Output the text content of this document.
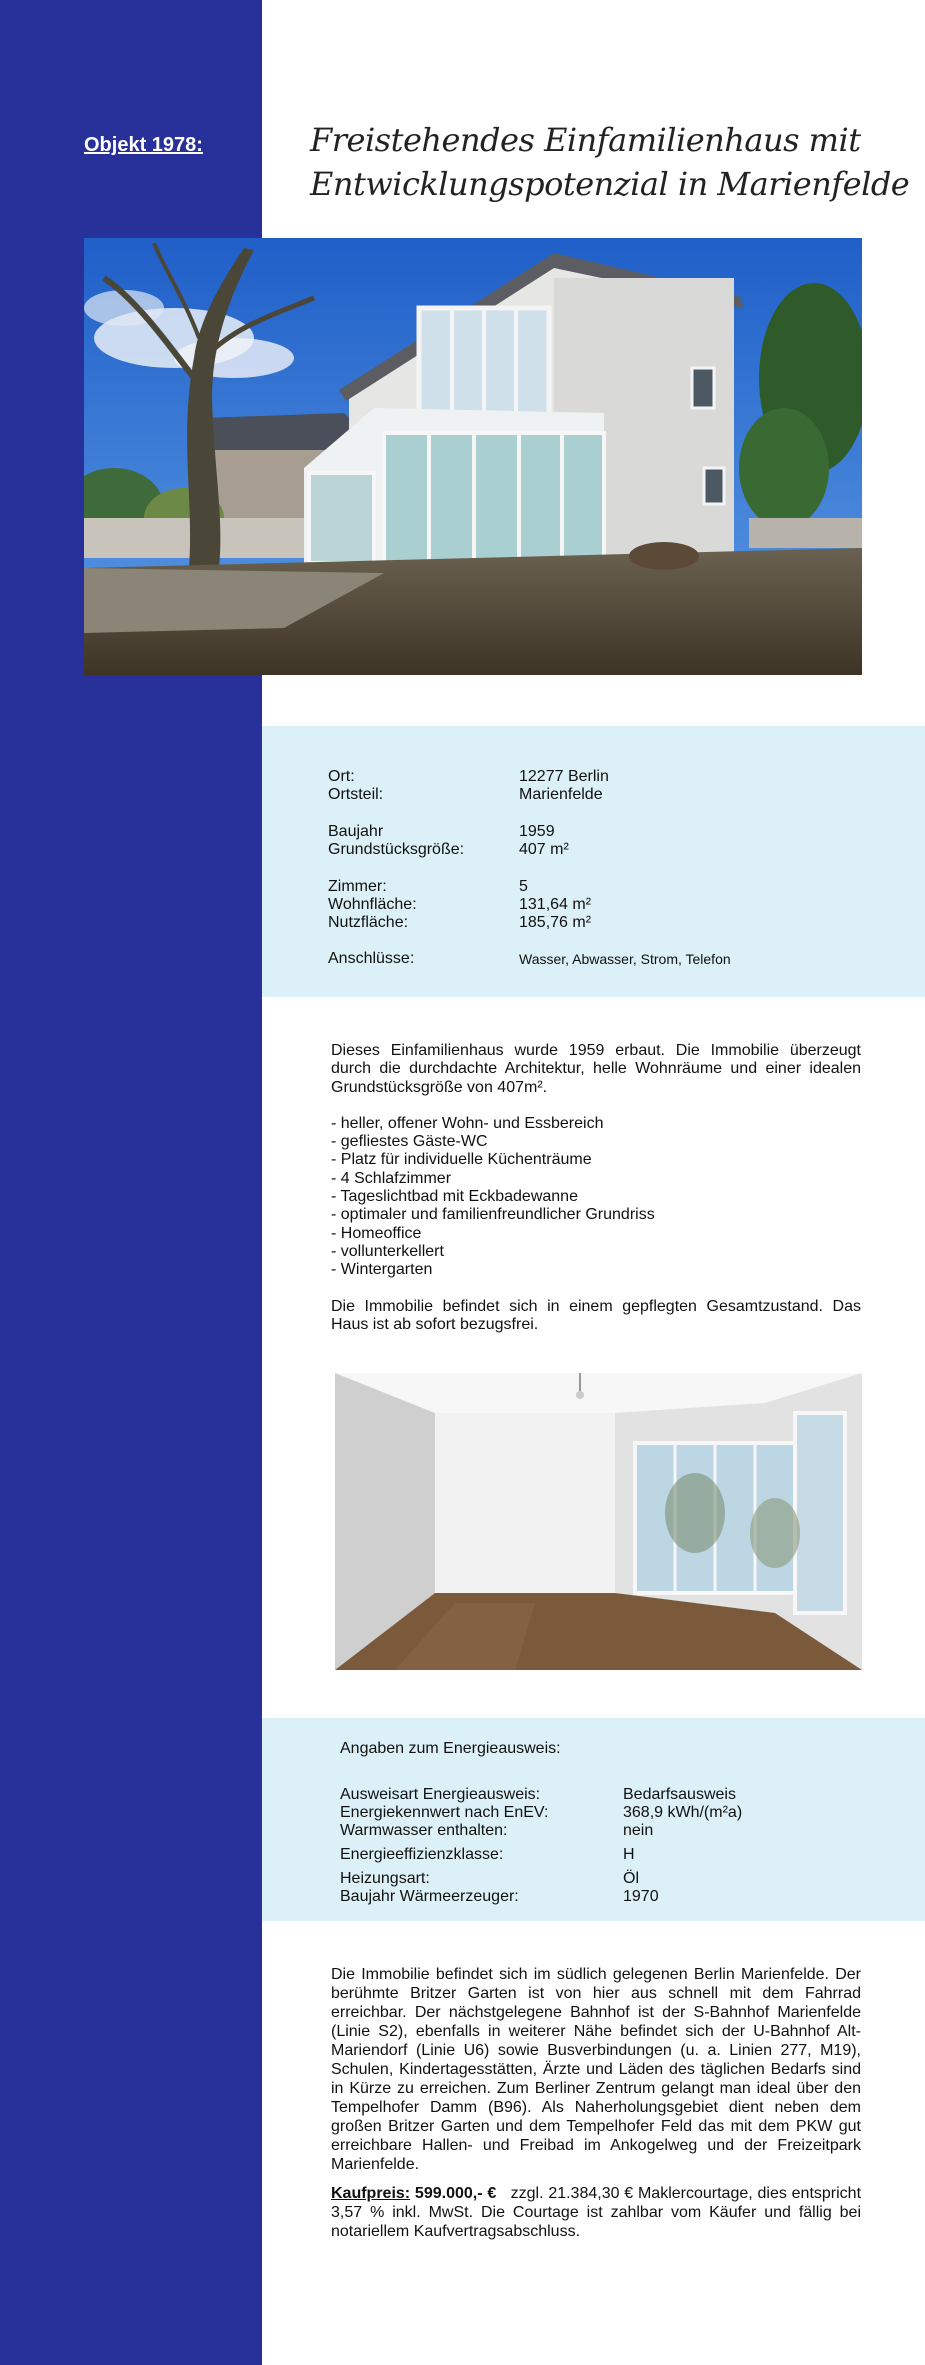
Objekt 1978:	Freistehendes Einfamilienhaus mit Entwicklungspotenzial in Marienfelde
Ort:	12277 Berlin
Ortsteil:	Marienfelde
Baujahr	1959
Grundstücksgröße:	407 m²
Zimmer:	5
Wohnfläche:	131,64 m²
Nutzfläche:	185,76 m²
Anschlüsse:	Wasser, Abwasser, Strom, Telefon

Dieses Einfamilienhaus wurde 1959 erbaut. Die Immobilie überzeugt durch die durchdachte Architektur, helle Wohnräume und einer idealen Grundstücksgröße von 407m².

- heller, offener Wohn- und Essbereich
- gefliestes Gäste-WC
- Platz für individuelle Küchenträume
- 4 Schlafzimmer
- Tageslichtbad mit Eckbadewanne
- optimaler und familienfreundlicher Grundriss
- Homeoffice
- vollunterkellert
- Wintergarten

Die Immobilie befindet sich in einem gepflegten Gesamtzustand. Das Haus ist ab sofort bezugsfrei.

Angaben zum Energieausweis:
Ausweisart Energieausweis:	Bedarfsausweis
Energiekennwert nach EnEV:	368,9 kWh/(m²a)
Warmwasser enthalten:	nein
Energieeffizienzklasse:	H
Heizungsart:	Öl
Baujahr Wärmeerzeuger:	1970

Die Immobilie befindet sich im südlich gelegenen Berlin Marienfelde. Der berühmte Britzer Garten ist von hier aus schnell mit dem Fahrrad erreichbar. Der nächstgelegene Bahnhof ist der S-Bahnhof Marienfelde (Linie S2), ebenfalls in weiterer Nähe befindet sich der U-Bahnhof Alt-Mariendorf (Linie U6) sowie Busverbindungen (u. a. Linien 277, M19), Schulen, Kindertagesstätten, Ärzte und Läden des täglichen Bedarfs sind in Kürze zu erreichen. Zum Berliner Zentrum gelangt man ideal über den Tempelhofer Damm (B96). Als Naherholungsgebiet dient neben dem großen Britzer Garten und dem Tempelhofer Feld das mit dem PKW gut erreichbare Hallen- und Freibad im Ankogelweg und der Freizeitpark Marienfelde.

Kaufpreis: 599.000,- € zzgl. 21.384,30 € Maklercourtage, dies entspricht 3,57 % inkl. MwSt. Die Courtage ist zahlbar vom Käufer und fällig bei notariellem Kaufvertragsabschluss.
